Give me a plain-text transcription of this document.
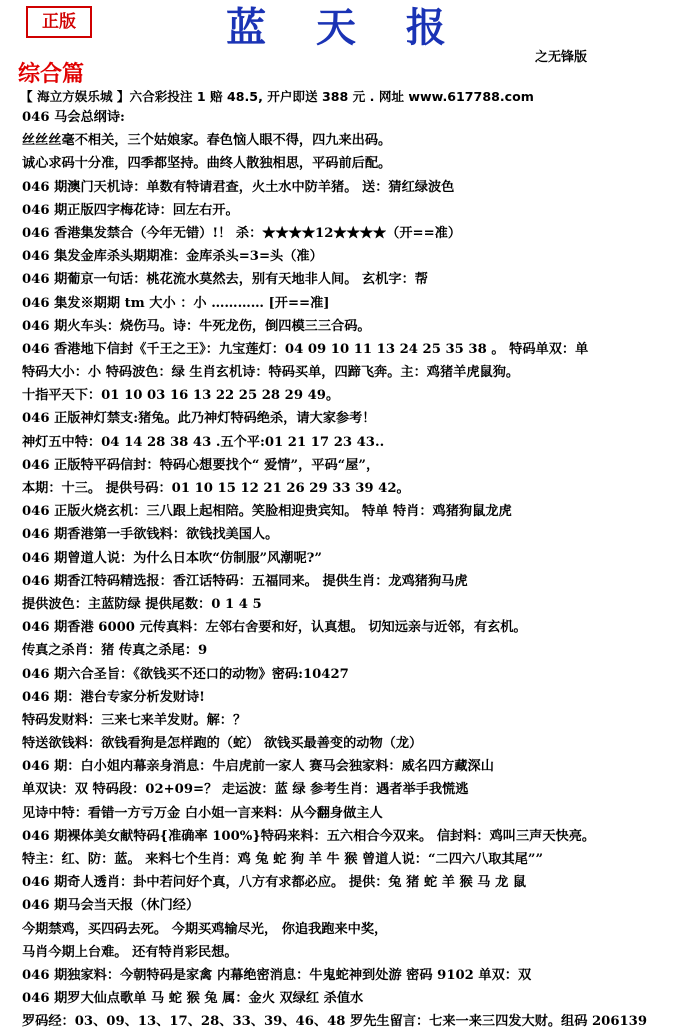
正版	蓝 天 报
之无锋版
综合篇
【 海立方娱乐城 】六合彩投注 1 赔 48.5, 开户即送 388 元 . 网址 www.617788.com
046 马会总纲诗:
丝丝丝毫不相关，三个姑娘家。春色恼人眼不得，四九来出码。
诚心求码十分准，四季都坚持。曲终人散独相思，平码前后配。
046 期澳门天机诗：单数有特请君查，火土水中防羊猪。 送：猜红绿波色
046 期正版四字梅花诗：回左右开。
046 香港集发禁合（今年无错）!！ 杀：★★★★12★★★★（开==准）
046 集发金库杀头期期准：金库杀头=3=头（准）
046 期葡京一句话：桃花流水莫然去，别有天地非人间。 玄机字：帮
046 集发※期期 tm 大小 ：小 ………… [开==准]
046 期火车头：烧伤马。诗：牛死龙伤，倒四模三三合码。
046 香港地下信封《千王之王》：九宝莲灯：04 09 10 11 13 24 25 35 38 。 特码单双：单
特码大小：小 特码波色：绿 生肖玄机诗：特码买单，四蹄飞奔。主：鸡猪羊虎鼠狗。
十指平天下：01 10 03 16 13 22 25 28 29 49。
046 正版神灯禁支:猪兔。此乃神灯特码绝杀，请大家参考！
神灯五中特：04 14 28 38 43 .五个平:01 21 17 23 43..
046 正版特平码信封：特码心想要找个“ 爱情”，平码“屋”，
本期：十三。 提供号码：01 10 15 12 21 26 29 33 39 42。
046 正版火烧玄机：三八跟上起相陪。笑脸相迎贵宾知。 特单 特肖：鸡猪狗鼠龙虎
046 期香港第一手欲钱料：欲钱找美国人。
046 期曾道人说：为什么日本吹“仿制服”风潮呢?”
046 期香江特码精选报：香江话特码：五福同来。 提供生肖：龙鸡猪狗马虎
提供波色：主蓝防绿 提供尾数：0 1 4 5
046 期香港 6000 元传真料：左邻右舍要和好，认真想。 切知远亲与近邻，有玄机。
传真之杀肖：猪 传真之杀尾：9
046 期六合圣旨：《欲钱买不还口的动物》密码:10427
046 期：港台专家分析发财诗!
特码发财料：三来七来羊发财。解：？
特送欲钱料：欲钱看狗是怎样跑的（蛇） 欲钱买最善变的动物（龙）
046 期：白小姐内幕亲身消息：牛启虎前一家人 赛马会独家料：威名四方藏深山
单双诀：双 特码段：02+09=？ 走运波：蓝 绿 参考生肖：遇者举手我慌逃
见诗中特：看错一方亏万金 白小姐一言来料：从今翻身做主人
046 期裸体美女献特码{准确率 100%}特码来料：五六相合今双来。 信封料：鸡叫三声天快亮。
特主：红、防：蓝。 来料七个生肖：鸡 兔 蛇 狗 羊 牛 猴 曾道人说：“二四六八取其尾””
046 期奇人透肖：卦中若问好个真，八方有求都必应。 提供：兔 猪 蛇 羊 猴 马 龙 鼠
046 期马会当天报（休门经）
今期禁鸡，买四码去死。 今期买鸡输尽光， 你追我跑来中奖，
马肖今期上台难。 还有特肖彩民想。
046 期独家料：今朝特码是家禽 内幕绝密消息：牛鬼蛇神到处游 密码 9102 单双：双
046 期罗大仙点歌单 马 蛇 猴 兔 属：金火 双绿红 杀值水
罗码经：03、09、13、17、28、33、39、46、48 罗先生留言：七来一来三四发大财。组码 206139
